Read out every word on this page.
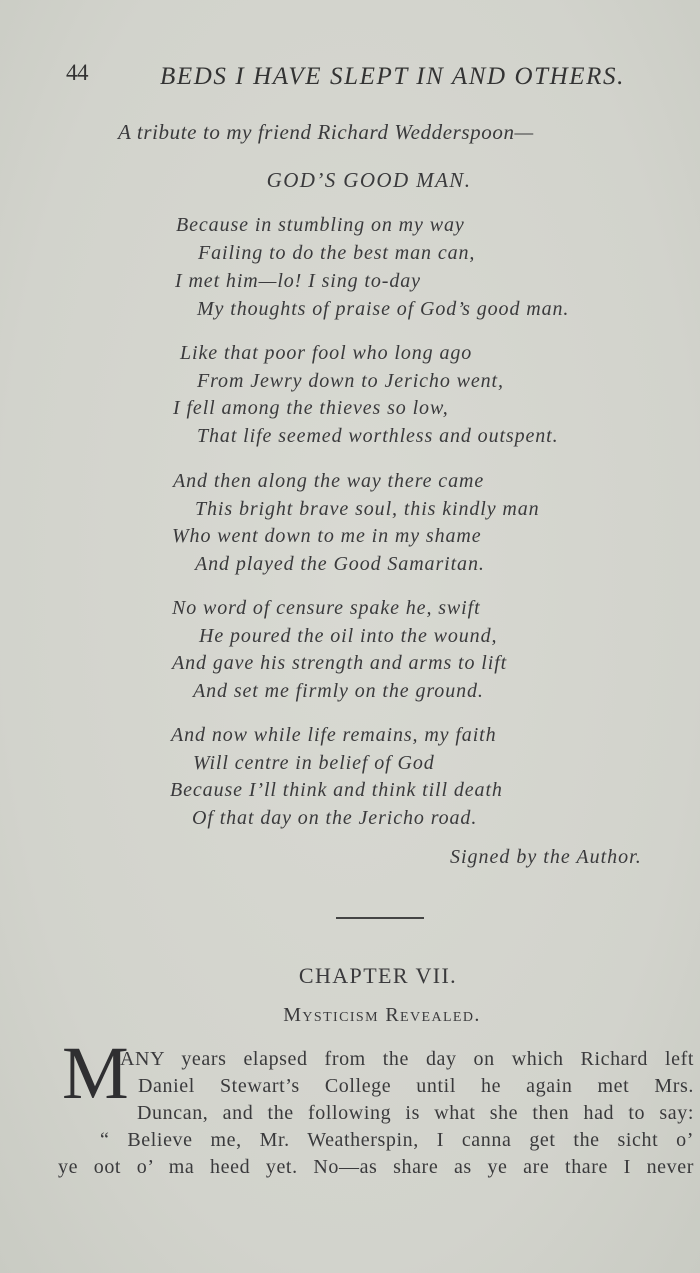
44	BEDS I HAVE SLEPT IN AND OTHERS.
A tribute to my friend Richard Wedderspoon—
GOD’S GOOD MAN.
Because in stumbling on my way
Failing to do the best man can,
I met him—lo! I sing to-day
My thoughts of praise of God’s good man.
Like that poor fool who long ago
From Jewry down to Jericho went,
I fell among the thieves so low,
That life seemed worthless and outspent.
And then along the way there came
This bright brave soul, this kindly man
Who went down to me in my shame
And played the Good Samaritan.
No word of censure spake he, swift
He poured the oil into the wound,
And gave his strength and arms to lift
And set me firmly on the ground.
And now while life remains, my faith
Will centre in belief of God
Because I’ll think and think till death
Of that day on the Jericho road.
Signed by the Author.
CHAPTER VII.
Mysticism Revealed.
M
ANY years elapsed from the day on which Richard left
Daniel Stewart’s College until he again met Mrs.
Duncan, and the following is what she then had to say:
“ Believe me, Mr. Weatherspin, I canna get the sicht o’
ye oot o’ ma heed yet. No—as share as ye are thare I never
